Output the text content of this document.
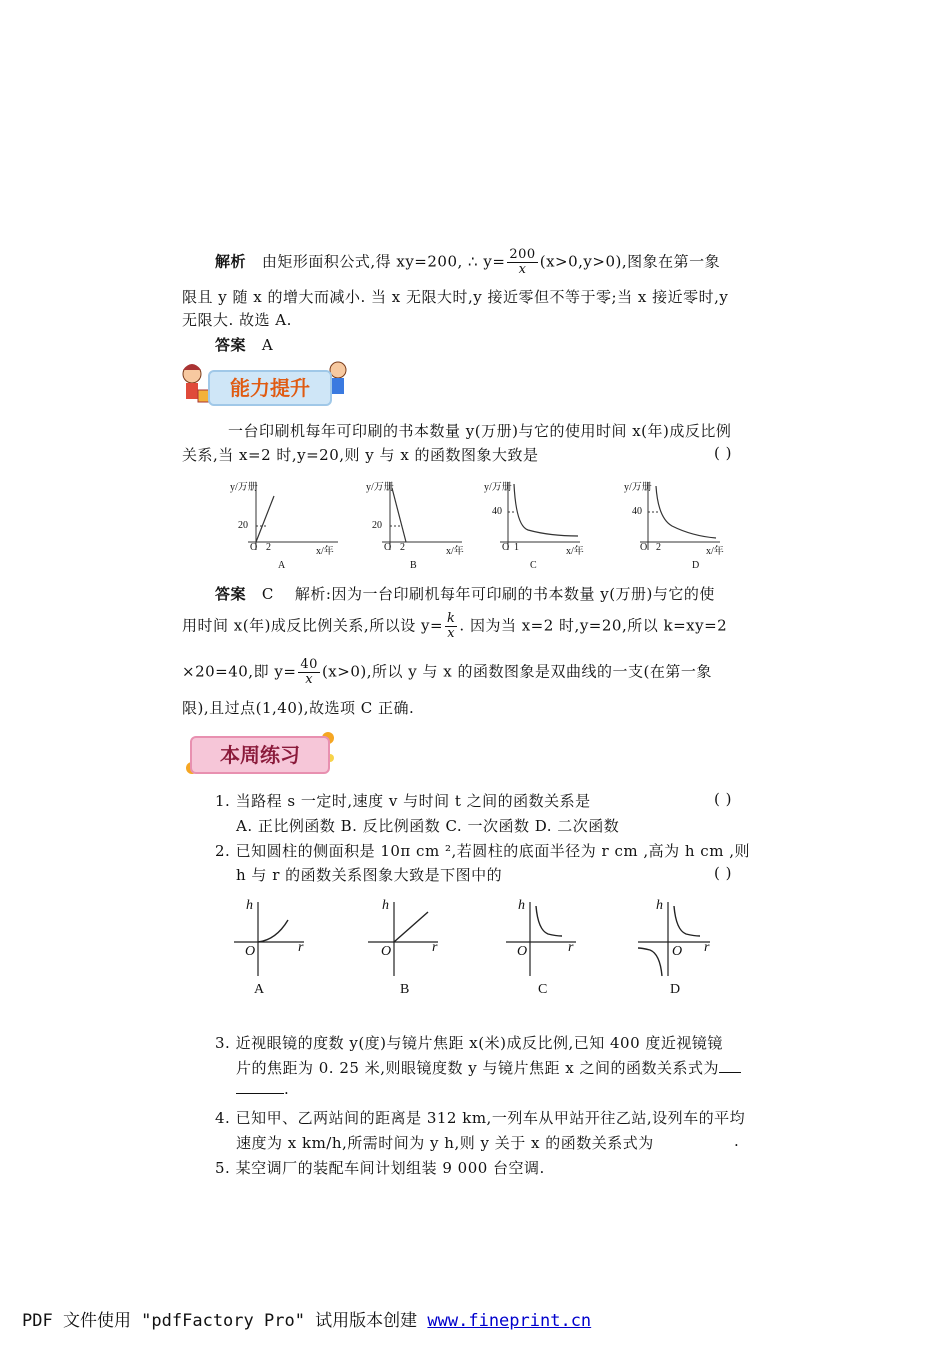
解析 由矩形面积公式,得 xy=200, ∴ $y= \frac{200}{x} (x>0,y>0)$,图象在第一象
限且 y 随 x 的增大而减小. 当 x 无限大时,y 接近零但不等于零;当 x 接近零时,y
无限大. 故选 A.
答案 A
能力提升
一台印刷机每年可印刷的书本数量 y(万册)与它的使用时间 x(年)成反比例
关系,当 x=2 时,y=20,则 y 与 x 的函数图象大致是	( )
y/万册
20
O 2	x/年
A
y/万册
20
O 2	x/年
B
y/万册
40
O 1	x/年
C
y/万册
40
O 2	x/年
D
答案 C 解析:因为一台印刷机每年可印刷的书本数量 y(万册)与它的使
用时间 x(年)成反比例关系,所以设 $y= \frac{k}{x}$ . 因为当 x=2 时,y=20,所以 k=xy=2
×20=40,即 $y= \frac{40}{x} (x>0)$,所以 y 与 x 的函数图象是双曲线的一支(在第一象
限),且过点(1,40),故选项 C 正确.
本周练习
1. 当路程 s 一定时,速度 v 与时间 t 之间的函数关系是	( )
A. 正比例函数 B. 反比例函数 C. 一次函数 D. 二次函数
2. 已知圆柱的侧面积是 10π cm ²,若圆柱的底面半径为 r cm ,高为 h cm ,则
h 与 r 的函数关系图象大致是下图中的	( )
h
r
O
A
h
r
O
B
h
r
O
C
h
r
O
D
3. 近视眼镜的度数 y(度)与镜片焦距 x(米)成反比例,已知 400 度近视镜镜
片的焦距为 0. 25 米,则眼镜度数 y 与镜片焦距 x 之间的函数关系式为
.
4. 已知甲、乙两站间的距离是 312 km,一列车从甲站开往乙站,设列车的平均
速度为 x km/h,所需时间为 y h,则 y 关于 x 的函数关系式为	.
5. 某空调厂的装配车间计划组装 9 000 台空调.
PDF 文件使用 "pdfFactory Pro" 试用版本创建 www.fineprint.cn
